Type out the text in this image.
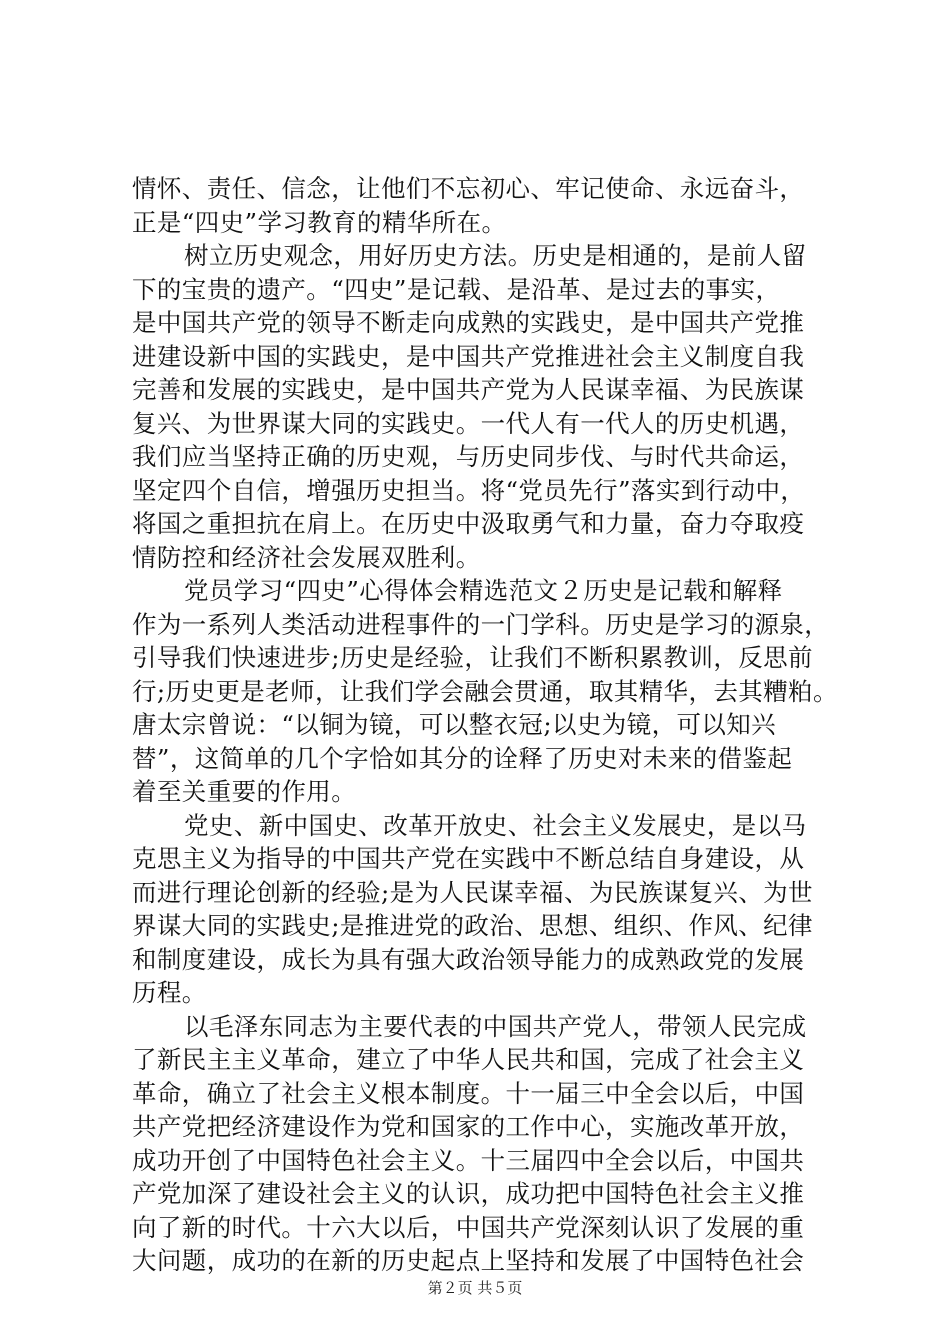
情怀、责任、信念，让他们不忘初心、牢记使命、永远奋斗，
正是“四史”学习教育的精华所在。
树立历史观念，用好历史方法。历史是相通的，是前人留
下的宝贵的遗产。“四史”是记载、是沿革、是过去的事实，
是中国共产党的领导不断走向成熟的实践史，是中国共产党推
进建设新中国的实践史，是中国共产党推进社会主义制度自我
完善和发展的实践史，是中国共产党为人民谋幸福、为民族谋
复兴、为世界谋大同的实践史。一代人有一代人的历史机遇，
我们应当坚持正确的历史观，与历史同步伐、与时代共命运，
坚定四个自信，增强历史担当。将“党员先行”落实到行动中，
将国之重担抗在肩上。在历史中汲取勇气和力量，奋力夺取疫
情防控和经济社会发展双胜利。
党员学习“四史”心得体会精选范文２历史是记载和解释
作为一系列人类活动进程事件的一门学科。历史是学习的源泉，
引导我们快速进步;历史是经验，让我们不断积累教训，反思前
行;历史更是老师，让我们学会融会贯通，取其精华，去其糟粕。
唐太宗曾说：“以铜为镜，可以整衣冠;以史为镜，可以知兴
替”，这简单的几个字恰如其分的诠释了历史对未来的借鉴起
着至关重要的作用。
党史、新中国史、改革开放史、社会主义发展史，是以马
克思主义为指导的中国共产党在实践中不断总结自身建设，从
而进行理论创新的经验;是为人民谋幸福、为民族谋复兴、为世
界谋大同的实践史;是推进党的政治、思想、组织、作风、纪律
和制度建设，成长为具有强大政治领导能力的成熟政党的发展
历程。
以毛泽东同志为主要代表的中国共产党人，带领人民完成
了新民主主义革命，建立了中华人民共和国，完成了社会主义
革命，确立了社会主义根本制度。十一届三中全会以后，中国
共产党把经济建设作为党和国家的工作中心，实施改革开放，
成功开创了中国特色社会主义。十三届四中全会以后，中国共
产党加深了建设社会主义的认识，成功把中国特色社会主义推
向了新的时代。十六大以后，中国共产党深刻认识了发展的重
大问题，成功的在新的历史起点上坚持和发展了中国特色社会
第２页 共５页
